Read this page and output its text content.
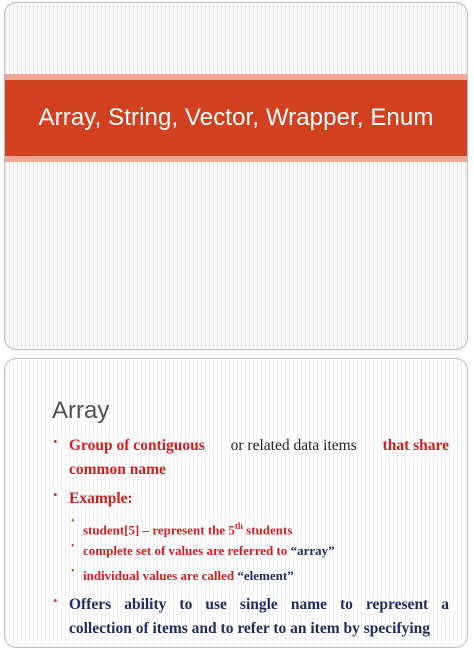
Array, String, Vector, Wrapper, Enum
Array
• Group of contiguous or related data items that share
common name
• Example:
•
student[5] – represent the 5th students
• complete set of values are referred to “array”
• individual values are called “element”
• Offers ability to use single name to represent a
collection of items and to refer to an item by specifying
